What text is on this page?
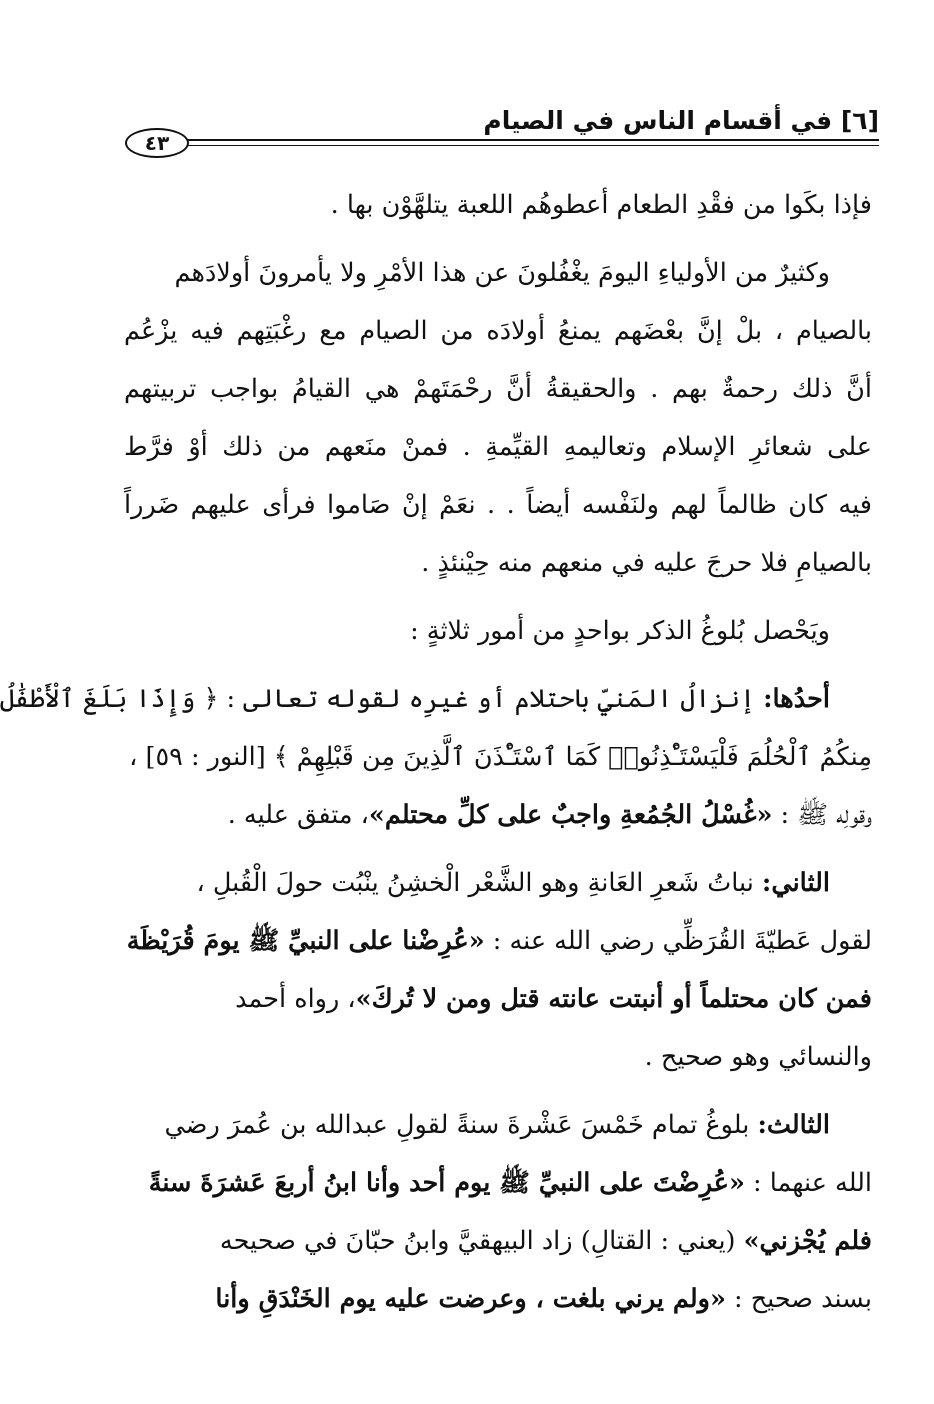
[٦] في أقسام الناس في الصيام
٤٣
فإذا بكَوا من فقْدِ الطعام أعطوهُم اللعبة يتلهَّوْن بها .
وكثيرٌ من الأولياءِ اليومَ يغْفُلونَ عن هذا الأمْرِ ولا يأمرونَ أولادَهم
بالصيام ، بلْ إنَّ بعْضَهم يمنعُ أولادَه من الصيام مع رغْبَتِهم فيه يزْعُم
أنَّ ذلك رحمةٌ بهم . والحقيقةُ أنَّ رحْمَتَهمْ هي القيامُ بواجب تربيتهم
على شعائرِ الإسلام وتعاليمهِ القيِّمةِ . فمنْ منَعهم من ذلك أوْ فرَّط
فيه كان ظالماً لهم ولنَفْسه أيضاً . . نعَمْ إنْ صَاموا فرأى عليهم ضَرراً
بالصيامِ فلا حرجَ عليه في منعهم منه حِيْنئذٍ .
ويَحْصل بُلوغُ الذكر بواحدٍ من أمور ثلاثةٍ :
أحدُها: إنزالُ المَنيِّ باحتلام أو غيرِه لقوله تعالى : ﴿ وَإِذَا بَلَغَ ٱلْأَطْفَٰلُ
مِنكُمُ ٱلْحُلُمَ فَلْيَسْتَـْٔذِنُوا۟ كَمَا ٱسْتَـْٔذَنَ ٱلَّذِينَ مِن قَبْلِهِمْ ﴾ [النور : ٥٩] ،
وقولِه ﷺ : «غُسْلُ الجُمُعةِ واجبٌ على كلِّ محتلم»، متفق عليه .
الثاني: نباتُ شَعرِ العَانةِ وهو الشَّعْر الْخشِنُ ينْبُت حولَ الْقُبلِ ،
لقول عَطيّةَ القُرَظِّي رضي الله عنه : «عُرِضْنا على النبيِّ ﷺ يومَ قُرَيْظَة
فمن كان محتلماً أو أنبتت عانته قتل ومن لا تُركَ»، رواه أحمد
والنسائي وهو صحيح .
الثالث: بلوغُ تمام خَمْسَ عَشْرةَ سنةً لقولِ عبدالله بن عُمرَ رضي
الله عنهما : «عُرِضْتَ على النبيِّ ﷺ يوم أحد وأنا ابنُ أربعَ عَشرَةَ سنةً
فلم يُجْزني» (يعني : القتالِ) زاد البيهقيَّ وابنُ حبّانَ في صحيحه
بسند صحيح : «ولم يرني بلغت ، وعرضت عليه يوم الخَنْدَقِ وأنا
